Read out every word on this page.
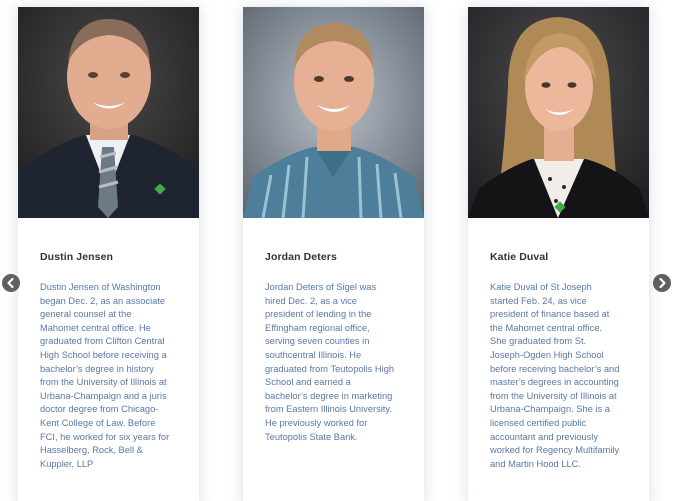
Dustin Jensen
Dustin Jensen of Washington
began Dec. 2, as an associate
general counsel at the
Mahomet central office. He
graduated from Clifton Central
High School before receiving a
bachelor’s degree in history
from the University of Illinois at
Urbana-Champaign and a juris
doctor degree from Chicago-
Kent College of Law. Before
FCI, he worked for six years for
Hasselberg, Rock, Bell &
Kuppler, LLP
Jordan Deters
Jordan Deters of Sigel was
hired Dec. 2, as a vice
president of lending in the
Effingham regional office,
serving seven counties in
southcentral Illinois. He
graduated from Teutopolis High
School and earned a
bachelor’s degree in marketing
from Eastern Illinois University.
He previously worked for
Teutopolis State Bank.
Katie Duval
Katie Duval of St Joseph
started Feb. 24, as vice
president of finance based at
the Mahomet central office.
She graduated from St.
Joseph-Ogden High School
before receiving bachelor’s and
master’s degrees in accounting
from the University of Illinois at
Urbana-Champaign. She is a
licensed certified public
accountant and previously
worked for Regency Multifamily
and Martin Hood LLC.
